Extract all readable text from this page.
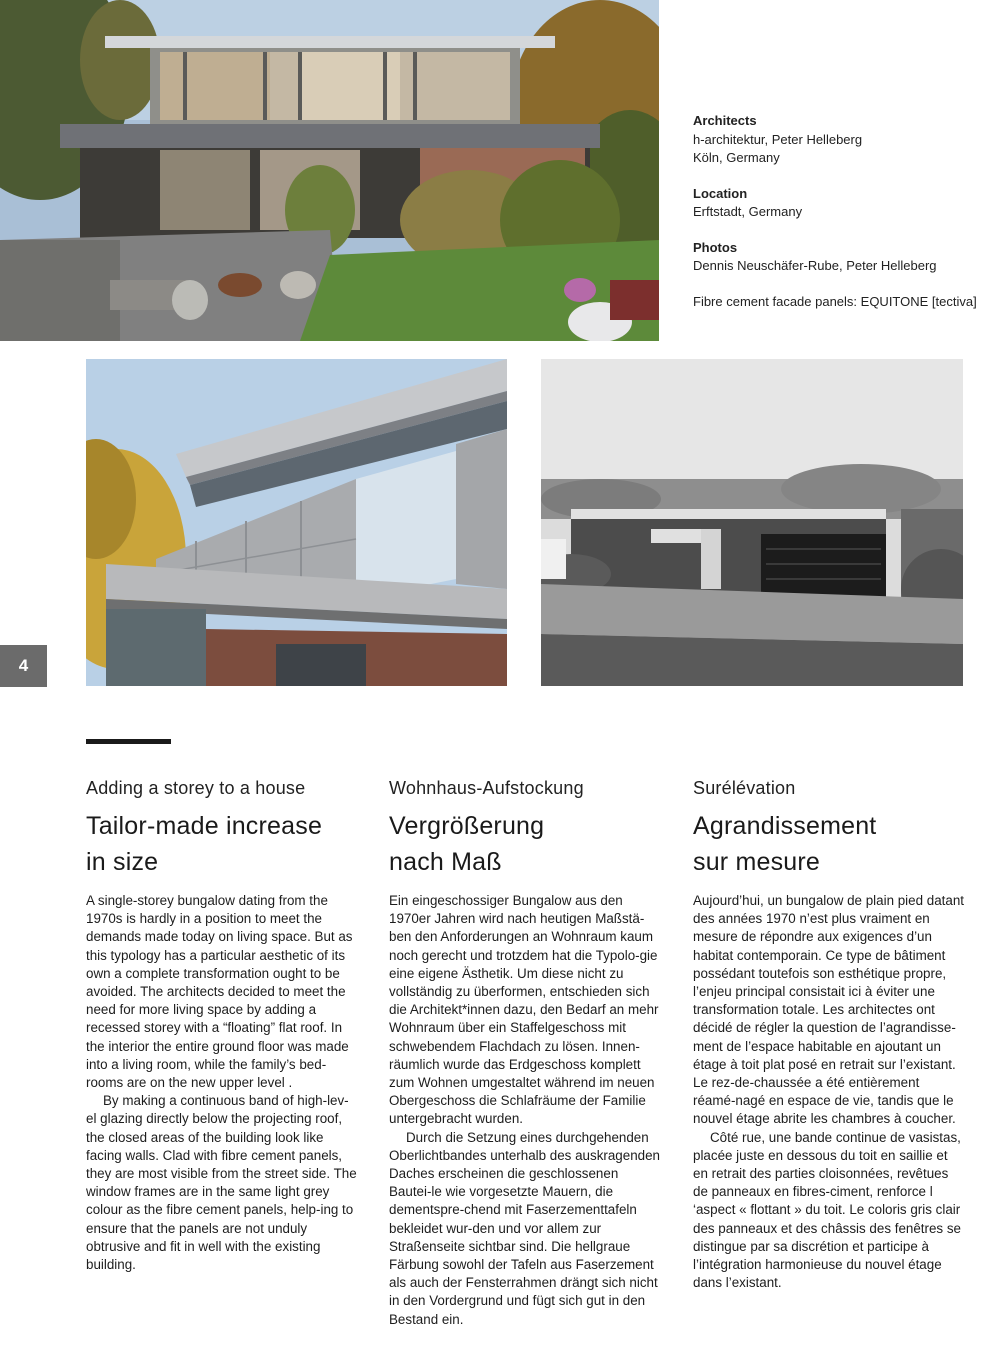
Architects
h-architektur, Peter Helleberg
Köln, Germany
Location
Erftstadt, Germany
Photos
Dennis Neuschäfer-Rube, Peter Helleberg
Fibre cement facade panels: EQUITONE [tectiva]
4
Adding a storey to a house
Tailor-made increase
in size

A single-storey bungalow dating from the 1970s is hardly in a position to meet the demands made today on living space. But as this typology has a particular aesthetic of its own a complete transformation ought to be avoided. The architects decided to meet the need for more living space by adding a recessed storey with a “floating” flat roof. In the interior the entire ground floor was made into a living room, while the family’s bed-rooms are on the new upper level .

By making a continuous band of high-lev-el glazing directly below the projecting roof, the closed areas of the building look like facing walls. Clad with fibre cement panels, they are most visible from the street side. The window frames are in the same light grey colour as the fibre cement panels, help-ing to ensure that the panels are not unduly obtrusive and fit in well with the existing building.

Wohnhaus-Aufstockung
Vergrößerung
nach Maß

Ein eingeschossiger Bungalow aus den 1970er Jahren wird nach heutigen Maßstä-ben den Anforderungen an Wohnraum kaum noch gerecht und trotzdem hat die Typolo-gie eine eigene Ästhetik. Um diese nicht zu vollständig zu überformen, entschieden sich die Architekt*innen dazu, den Bedarf an mehr Wohnraum über ein Staffelgeschoss mit schwebendem Flachdach zu lösen. Innen-räumlich wurde das Erdgeschoss komplett zum Wohnen umgestaltet während im neuen Obergeschoss die Schlafräume der Familie untergebracht wurden.

Durch die Setzung eines durchgehenden Oberlichtbandes unterhalb des auskragenden Daches erscheinen die geschlossenen Bautei-le wie vorgesetzte Mauern, die dementspre-chend mit Faserzementtafeln bekleidet wur-den und vor allem zur Straßenseite sichtbar sind. Die hellgraue Färbung sowohl der Tafeln aus Faserzement als auch der Fensterrahmen drängt sich nicht in den Vordergrund und fügt sich gut in den Bestand ein.

Surélévation
Agrandissement
sur mesure

Aujourd’hui, un bungalow de plain pied datant des années 1970 n’est plus vraiment en mesure de répondre aux exigences d’un habitat contemporain. Ce type de bâtiment possédant toutefois son esthétique propre, l’enjeu principal consistait ici à éviter une transformation totale. Les architectes ont décidé de régler la question de l’agrandisse-ment de l’espace habitable en ajoutant un étage à toit plat posé en retrait sur l’existant. Le rez-de-chaussée a été entièrement réamé-nagé en espace de vie, tandis que le nouvel étage abrite les chambres à coucher.

Côté rue, une bande continue de vasistas, placée juste en dessous du toit en saillie et en retrait des parties cloisonnées, revêtues de panneaux en fibres-ciment, renforce l ‘aspect « flottant » du toit. Le coloris gris clair des panneaux et des châssis des fenêtres se distingue par sa discrétion et participe à l’intégration harmonieuse du nouvel étage dans l’existant.
